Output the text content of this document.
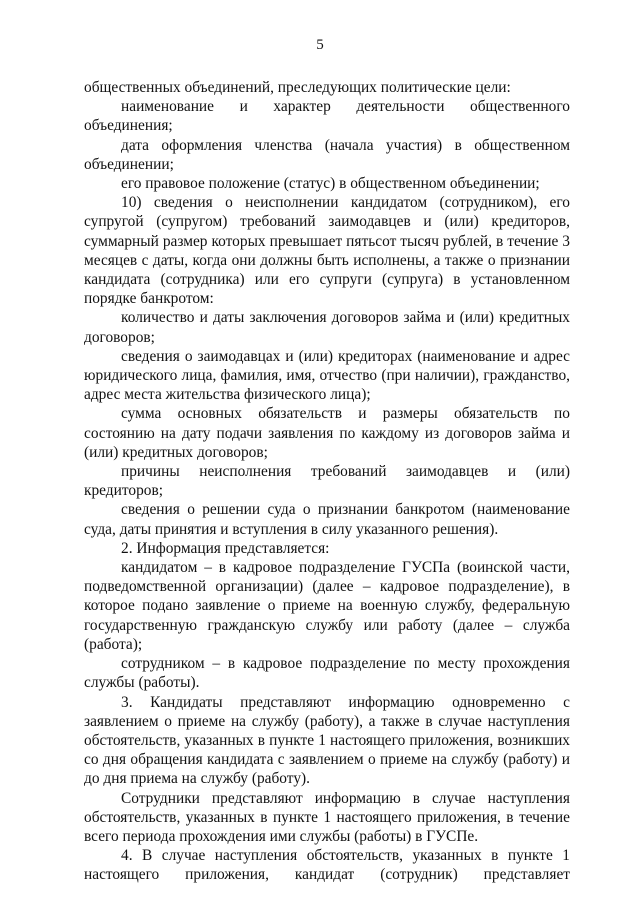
5

общественных объединений, преследующих политические цели:

наименование и характер деятельности общественного объединения;

дата оформления членства (начала участия) в общественном объединении;

его правовое положение (статус) в общественном объединении;

10) сведения о неисполнении кандидатом (сотрудником), его супругой (супругом) требований заимодавцев и (или) кредиторов, суммарный размер которых превышает пятьсот тысяч рублей, в течение 3 месяцев с даты, когда они должны быть исполнены, а также о признании кандидата (сотрудника) или его супруги (супруга) в установленном порядке банкротом:

количество и даты заключения договоров займа и (или) кредитных договоров;

сведения о заимодавцах и (или) кредиторах (наименование и адрес юридического лица, фамилия, имя, отчество (при наличии), гражданство, адрес места жительства физического лица);

сумма основных обязательств и размеры обязательств по состоянию на дату подачи заявления по каждому из договоров займа и (или) кредитных договоров;

причины неисполнения требований заимодавцев и (или) кредиторов;

сведения о решении суда о признании банкротом (наименование суда, даты принятия и вступления в силу указанного решения).

2. Информация представляется:

кандидатом – в кадровое подразделение ГУСПа (воинской части, подведомственной организации) (далее – кадровое подразделение), в которое подано заявление о приеме на военную службу, федеральную государственную гражданскую службу или работу (далее – служба (работа);

сотрудником – в кадровое подразделение по месту прохождения службы (работы).

3. Кандидаты представляют информацию одновременно с заявлением о приеме на службу (работу), а также в случае наступления обстоятельств, указанных в пункте 1 настоящего приложения, возникших со дня обращения кандидата с заявлением о приеме на службу (работу) и до дня приема на службу (работу).

Сотрудники представляют информацию в случае наступления обстоятельств, указанных в пункте 1 настоящего приложения, в течение всего периода прохождения ими службы (работы) в ГУСПе.

4. В случае наступления обстоятельств, указанных в пункте 1 настоящего приложения, кандидат (сотрудник) представляет
